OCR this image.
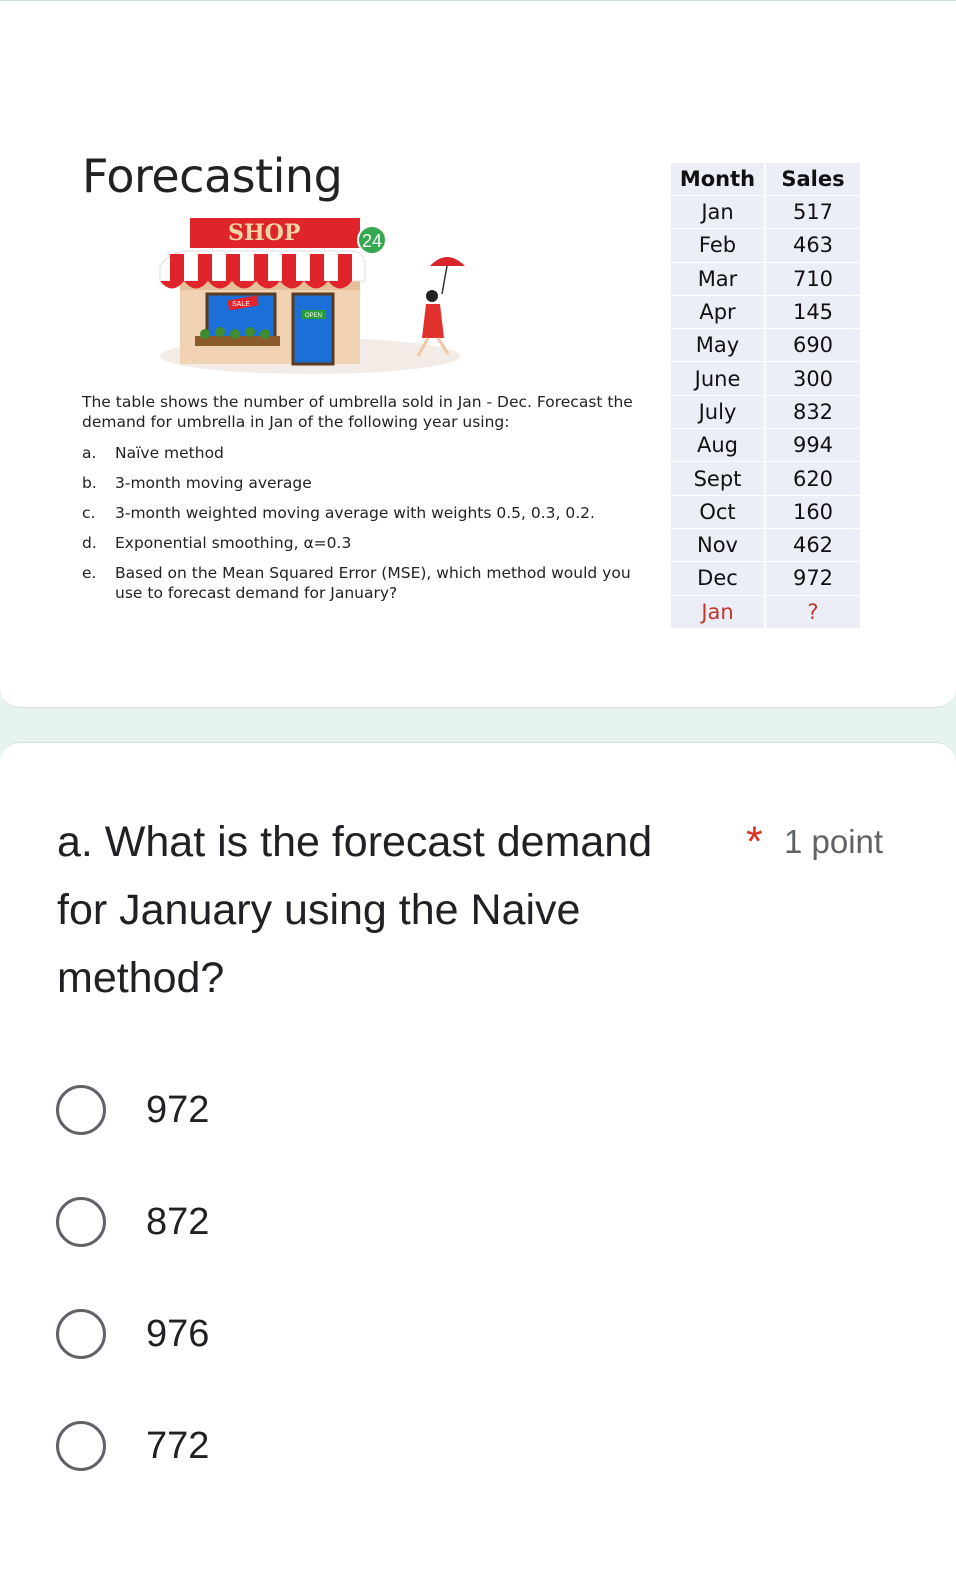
Forecasting
SHOP	24
SALE
OPEN
The table shows the number of umbrella sold in Jan - Dec. Forecast the demand for umbrella in Jan of the following year using:
a. Naïve method
b. 3-month moving average
c. 3-month weighted moving average with weights 0.5, 0.3, 0.2.
d. Exponential smoothing, α=0.3
e. Based on the Mean Squared Error (MSE), which method would you use to forecast demand for January?
Month	Sales
Jan	517
Feb	463
Mar	710
Apr	145
May	690
June	300
July	832
Aug	994
Sept	620
Oct	160
Nov	462
Dec	972
Jan	?
a. What is the forecast demand for January using the Naive method?
* 1 point
972
872
976
772
